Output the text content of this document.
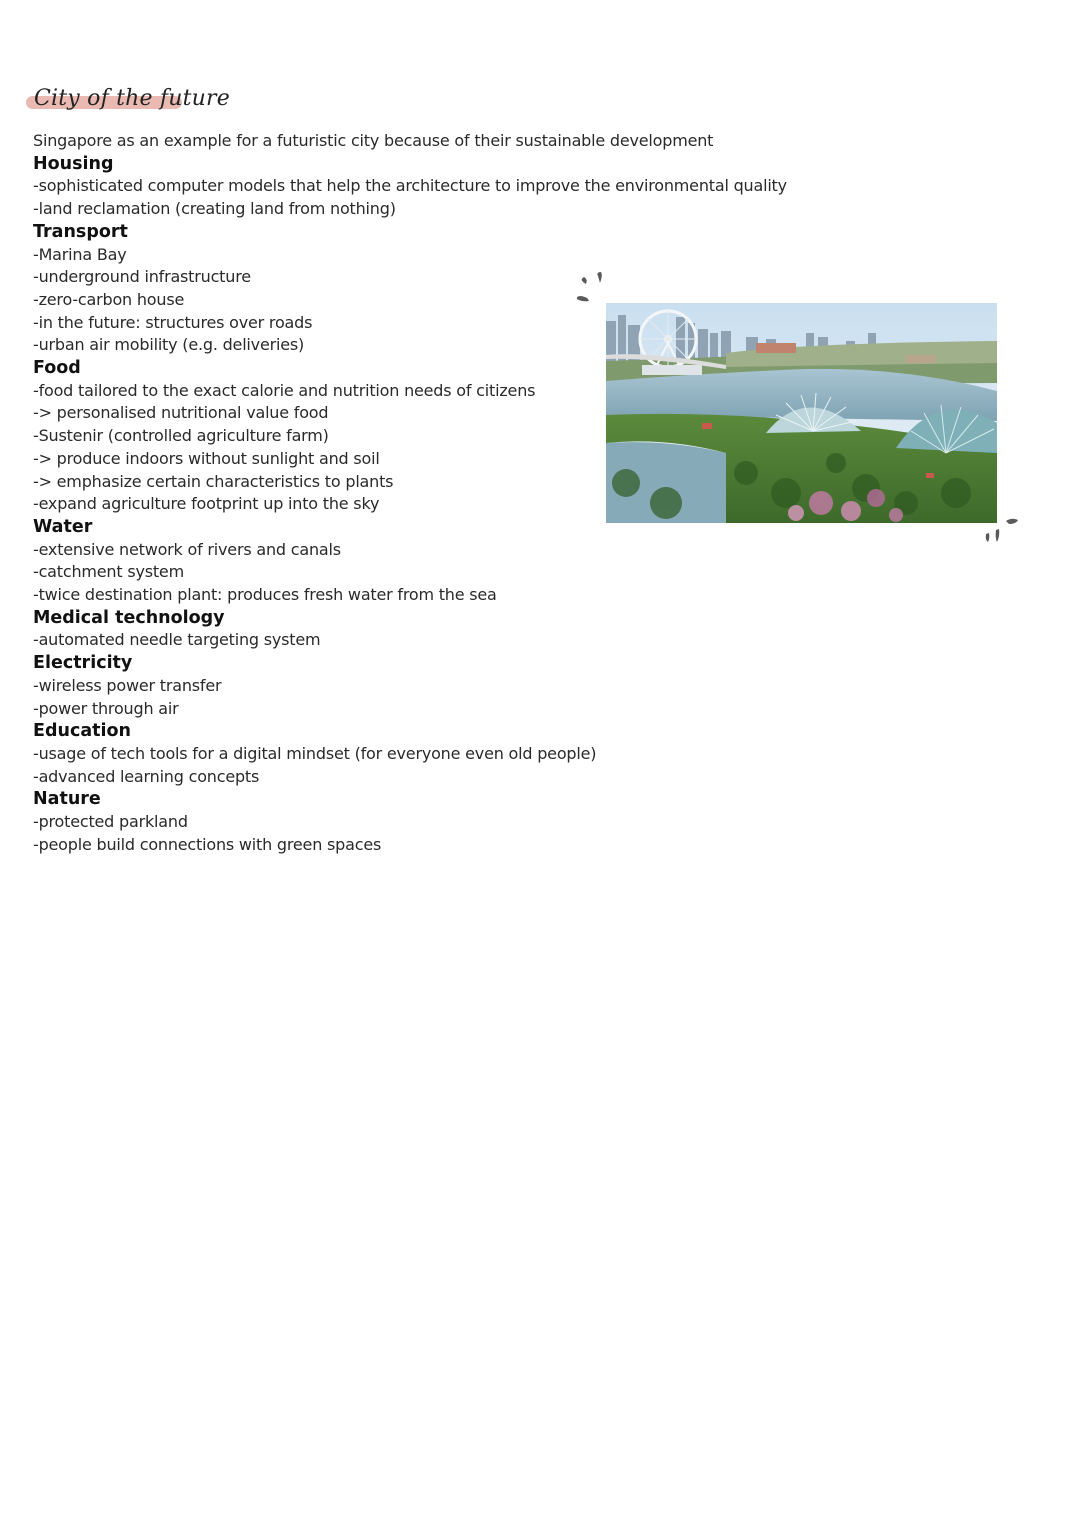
City of the future
Singapore as an example for a futuristic city because of their sustainable development
Housing
-sophisticated computer models that help the architecture to improve the environmental quality
-land reclamation (creating land from nothing)
Transport
-Marina Bay
-underground infrastructure
-zero-carbon house
-in the future: structures over roads
-urban air mobility (e.g. deliveries)
Food
-food tailored to the exact calorie and nutrition needs of citizens
-> personalised nutritional value food
-Sustenir (controlled agriculture farm)
-> produce indoors without sunlight and soil
-> emphasize certain characteristics to plants
-expand agriculture footprint up into the sky
Water
-extensive network of rivers and canals
-catchment system
-twice destination plant: produces fresh water from the sea
Medical technology
-automated needle targeting system
Electricity
-wireless power transfer
-power through air
Education
-usage of tech tools for a digital mindset (for everyone even old people)
-advanced learning concepts
Nature
-protected parkland
-people build connections with green spaces
